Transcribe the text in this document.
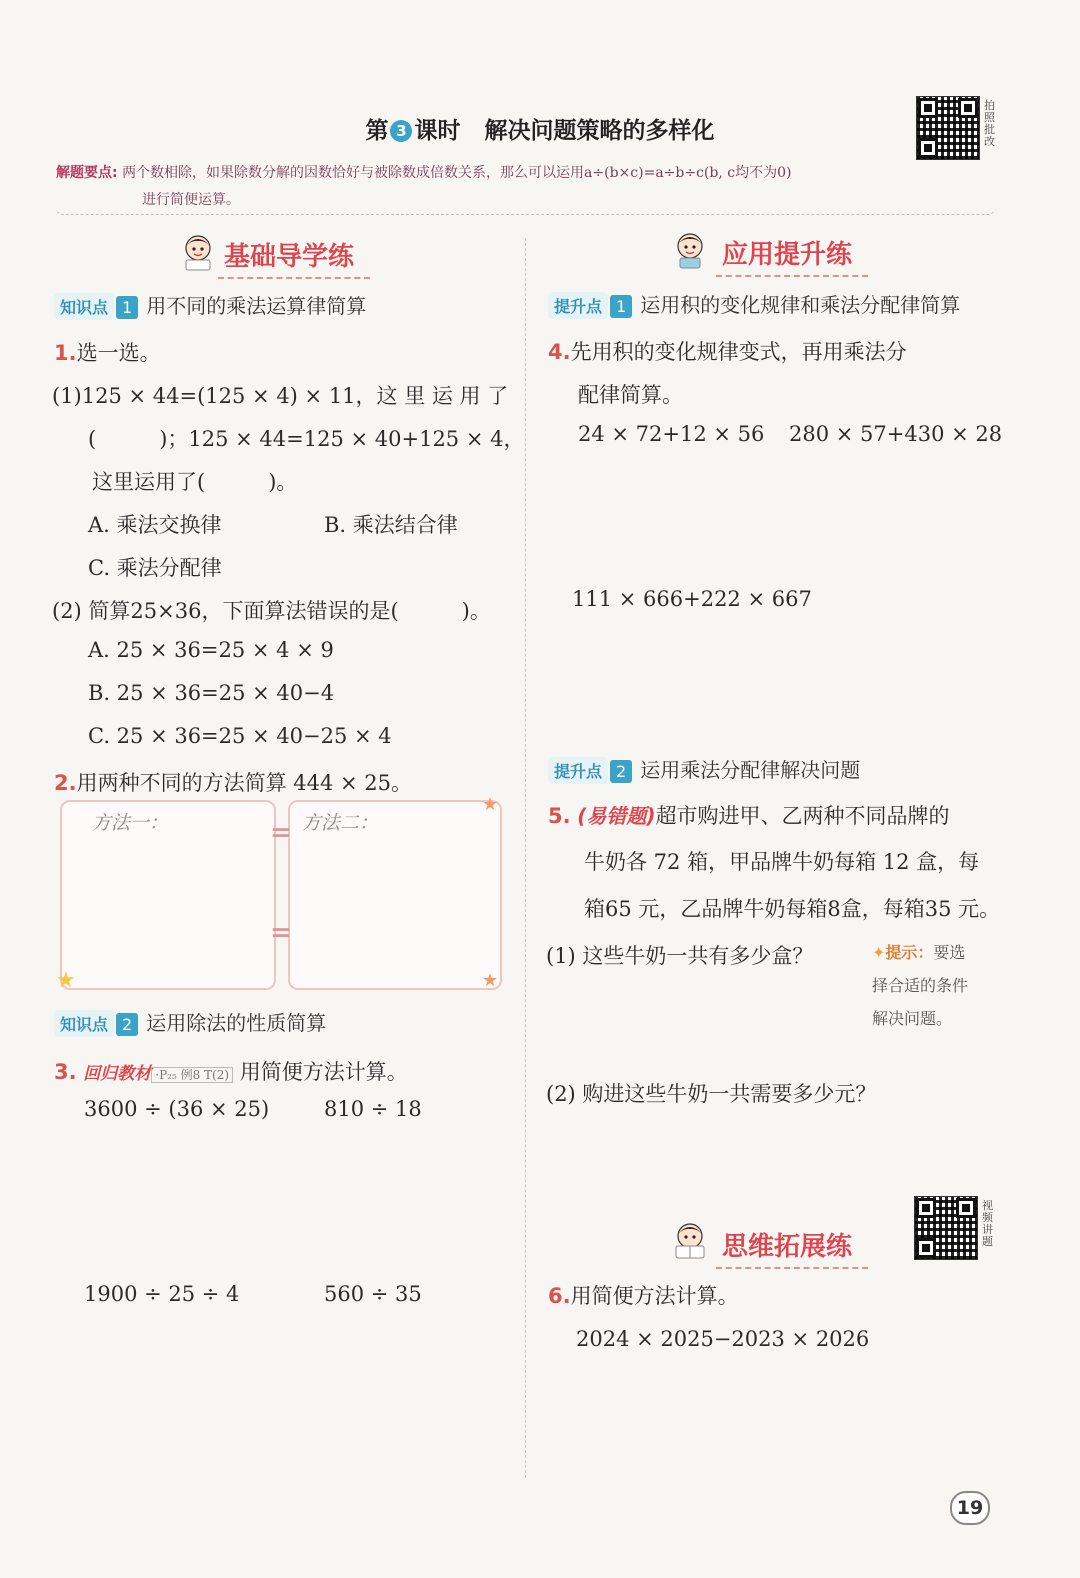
第 3 课时 解决问题策略的多样化
拍照批改
解题要点: 两个数相除，如果除数分解的因数恰好与被除数成倍数关系，那么可以运用a÷(b×c)=a÷b÷c(b, c均不为0)
进行简便运算。
基础导学练
知识点 1 用不同的乘法运算律简算
1.选一选。
(1)125 × 44=(125 × 4) × 11，这 里 运 用 了
(　　　)；125 × 44=125 × 40+125 × 4，
这里运用了(　　　)。
A. 乘法交换律	B. 乘法结合律
C. 乘法分配律
(2) 简算25×36，下面算法错误的是(　　　)。
A. 25 × 36=25 × 4 × 9
B. 25 × 36=25 × 40−4
C. 25 × 36=25 × 40−25 × 4
2.用两种不同的方法简算 444 × 25。
方法一：	方法二：
=
=
★
★
★
知识点 2 运用除法的性质简算
3. 回归教材 ·P₂₅ 例8 T(2) 用简便方法计算。
3600 ÷ (36 × 25)	810 ÷ 18
1900 ÷ 25 ÷ 4	560 ÷ 35
应用提升练
提升点 1 运用积的变化规律和乘法分配律简算
4.先用积的变化规律变式，再用乘法分
配律简算。
24 × 72+12 × 56 280 × 57+430 × 28
111 × 666+222 × 667
提升点 2 运用乘法分配律解决问题
5. (易错题)超市购进甲、乙两种不同品牌的
牛奶各 72 箱，甲品牌牛奶每箱 12 盒，每
箱65 元，乙品牌牛奶每箱8盒，每箱35 元。
(1) 这些牛奶一共有多少盒？	✦提示：要选
择合适的条件
解决问题。
(2) 购进这些牛奶一共需要多少元？
思维拓展练
视频讲题
6.用简便方法计算。
2024 × 2025−2023 × 2026
19
